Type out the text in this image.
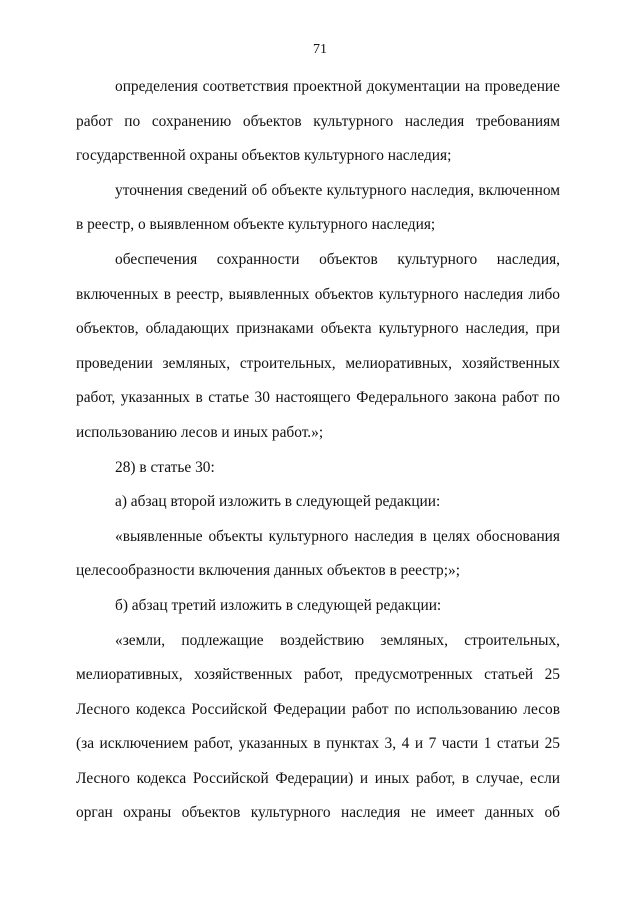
71

определения соответствия проектной документации на проведение работ по сохранению объектов культурного наследия требованиям государственной охраны объектов культурного наследия;

уточнения сведений об объекте культурного наследия, включенном в реестр, о выявленном объекте культурного наследия;

обеспечения сохранности объектов культурного наследия, включенных в реестр, выявленных объектов культурного наследия либо объектов, обладающих признаками объекта культурного наследия, при проведении земляных, строительных, мелиоративных, хозяйственных работ, указанных в статье 30 настоящего Федерального закона работ по использованию лесов и иных работ.»;

28) в статье 30:

а) абзац второй изложить в следующей редакции:

«выявленные объекты культурного наследия в целях обоснования целесообразности включения данных объектов в реестр;»;

б) абзац третий изложить в следующей редакции:

«земли, подлежащие воздействию земляных, строительных, мелиоративных, хозяйственных работ, предусмотренных статьей 25 Лесного кодекса Российской Федерации работ по использованию лесов (за исключением работ, указанных в пунктах 3, 4 и 7 части 1 статьи 25 Лесного кодекса Российской Федерации) и иных работ, в случае, если орган охраны объектов культурного наследия не имеет данных об
